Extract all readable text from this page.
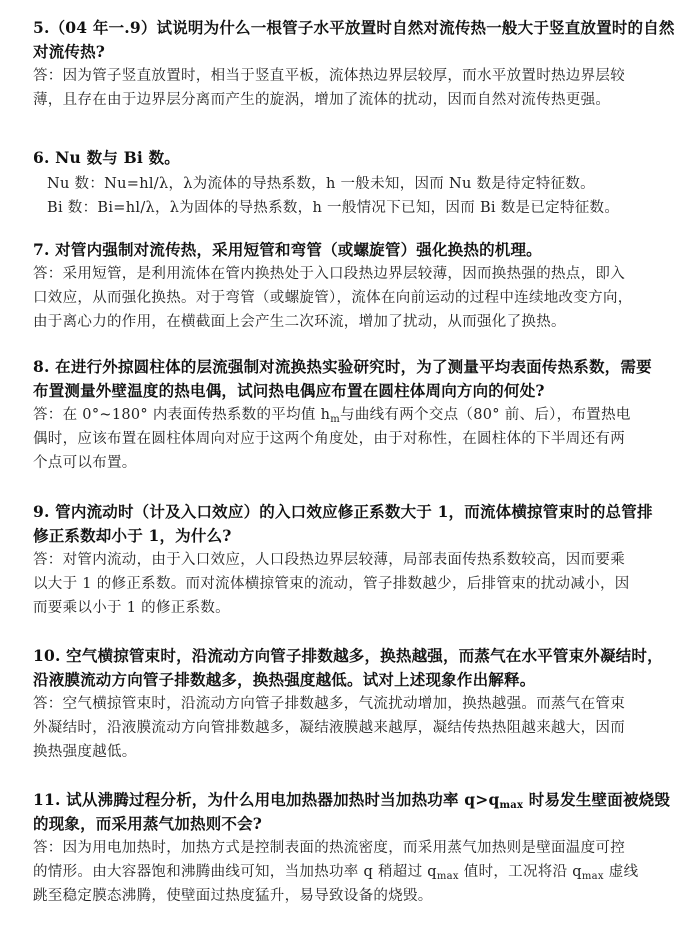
5.（04 年一.9）试说明为什么一根管子水平放置时自然对流传热一般大于竖直放置时的自然
对流传热?

答：因为管子竖直放置时，相当于竖直平板，流体热边界层较厚，而水平放置时热边界层较
薄，且存在由于边界层分离而产生的旋涡，增加了流体的扰动，因而自然对流传热更强。

6. Nu 数与 Bi 数。

Nu 数：Nu=hl/λ，λ为流体的导热系数，h 一般未知，因而 Nu 数是待定特征数。
Bi 数：Bi=hl/λ，λ为固体的导热系数，h 一般情况下已知，因而 Bi 数是已定特征数。

7. 对管内强制对流传热，采用短管和弯管（或螺旋管）强化换热的机理。

答：采用短管，是利用流体在管内换热处于入口段热边界层较薄，因而换热强的热点，即入
口效应，从而强化换热。对于弯管（或螺旋管），流体在向前运动的过程中连续地改变方向，
由于离心力的作用，在横截面上会产生二次环流，增加了扰动，从而强化了换热。

8. 在进行外掠圆柱体的层流强制对流换热实验研究时，为了测量平均表面传热系数，需要
布置测量外壁温度的热电偶，试问热电偶应布置在圆柱体周向方向的何处?

答：在 0°~180° 内表面传热系数的平均值 $h_m$与曲线有两个交点（80° 前、后），布置热电
偶时，应该布置在圆柱体周向对应于这两个角度处，由于对称性，在圆柱体的下半周还有两
个点可以布置。

9. 管内流动时（计及入口效应）的入口效应修正系数大于 1，而流体横掠管束时的总管排
修正系数却小于 1，为什么?

答：对管内流动，由于入口效应，人口段热边界层较薄，局部表面传热系数较高，因而要乘
以大于 1 的修正系数。而对流体横掠管束的流动，管子排数越少，后排管束的扰动减小，因
而要乘以小于 1 的修正系数。

10. 空气横掠管束时，沿流动方向管子排数越多，换热越强，而蒸气在水平管束外凝结时，
沿液膜流动方向管子排数越多，换热强度越低。试对上述现象作出解释。

答：空气横掠管束时，沿流动方向管子排数越多，气流扰动增加，换热越强。而蒸气在管束
外凝结时，沿液膜流动方向管排数越多，凝结液膜越来越厚，凝结传热热阻越来越大，因而
换热强度越低。

11. 试从沸腾过程分析，为什么用电加热器加热时当加热功率 $q>q_{max}$ 时易发生壁面被烧毁
的现象，而采用蒸气加热则不会?

答：因为用电加热时，加热方式是控制表面的热流密度，而采用蒸气加热则是壁面温度可控
的情形。由大容器饱和沸腾曲线可知，当加热功率 q 稍超过 $q_{max}$ 值时，工况将沿 $q_{max}$ 虚线
跳至稳定膜态沸腾，使壁面过热度猛升，易导致设备的烧毁。
